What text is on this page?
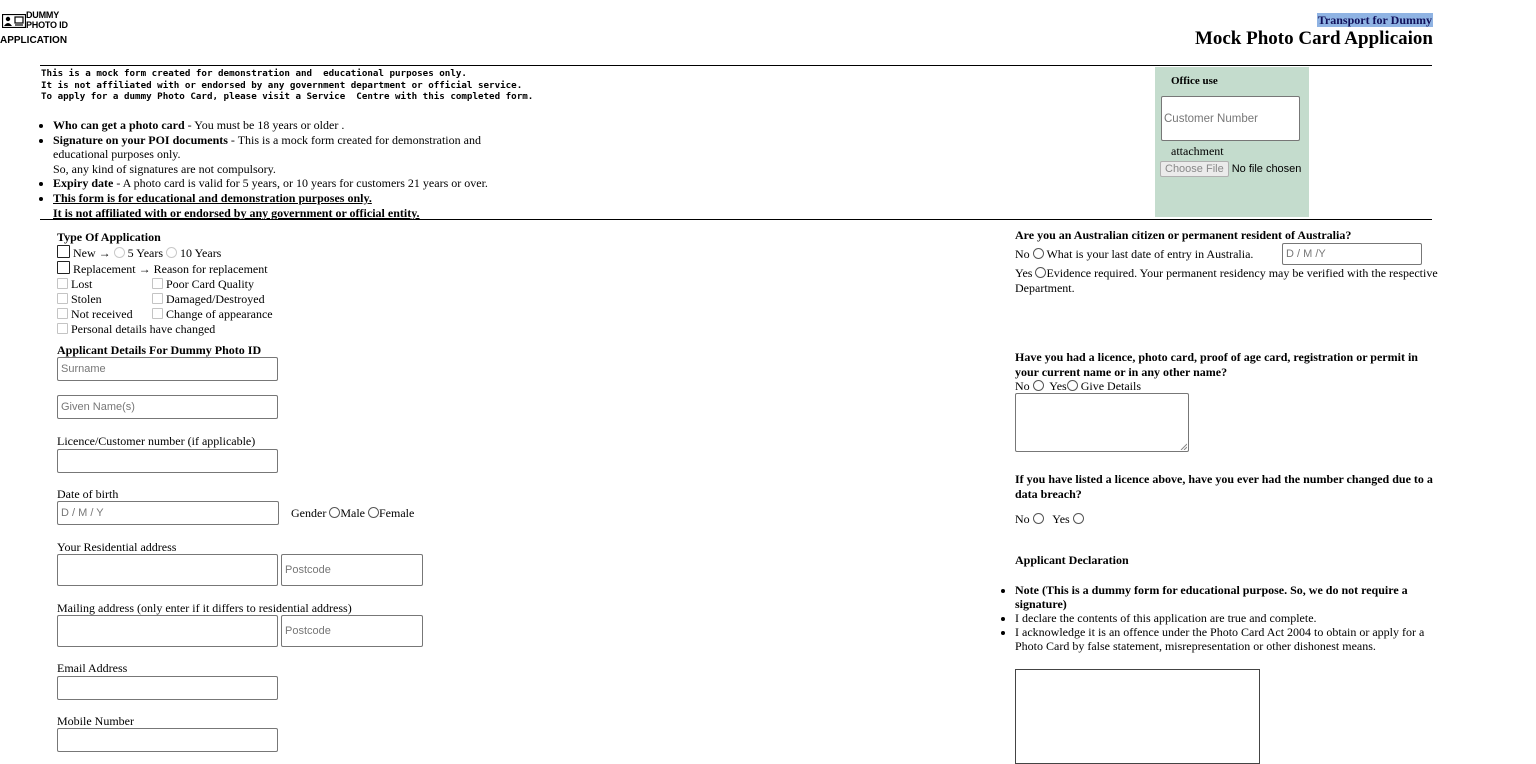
DUMMY
PHOTO ID
APPLICATION
Transport for Dummy
Mock Photo Card Applicaion
This is a mock form created for demonstration and  educational purposes only.
It is not affiliated with or endorsed by any government department or official service.
To apply for a dummy Photo Card, please visit a Service  Centre with this completed form.
• Who can get a photo card - You must be 18 years or older .
• Signature on your POI documents - This is a mock form created for demonstration and
educational purposes only.
So, any kind of signatures are not compulsory.
• Expiry date - A photo card is valid for 5 years, or 10 years for customers 21 years or over.
• This form is for educational and demonstration purposes only.
It is not affiliated with or endorsed by any government or official entity.
Office use
Customer Number
attachment
Choose File No file chosen
Type Of Application
New → 5 Years 10 Years
Replacement → Reason for replacement
Lost	Poor Card Quality
Stolen	Damaged/Destroyed
Not received	Change of appearance
Personal details have changed
Applicant Details For Dummy Photo ID
Surname
Given Name(s)
Licence/Customer number (if applicable)
Date of birth
D / M / Y	Gender Male Female
Your Residential address
Postcode
Mailing address (only enter if it differs to residential address)
Postcode
Email Address
Mobile Number
Are you an Australian citizen or permanent resident of Australia?
No What is your last date of entry in Australia.	D / M /Y
Yes Evidence required. Your permanent residency may be verified with the respective
Department.
Have you had a licence, photo card, proof of age card, registration or permit in
your current name or in any other name?
No Yes Give Details
If you have listed a licence above, have you ever had the number changed due to a
data breach?
No Yes
Applicant Declaration
• Note (This is a dummy form for educational purpose. So, we do not require a
signature)
• I declare the contents of this application are true and complete.
• I acknowledge it is an offence under the Photo Card Act 2004 to obtain or apply for a
Photo Card by false statement, misrepresentation or other dishonest means.
